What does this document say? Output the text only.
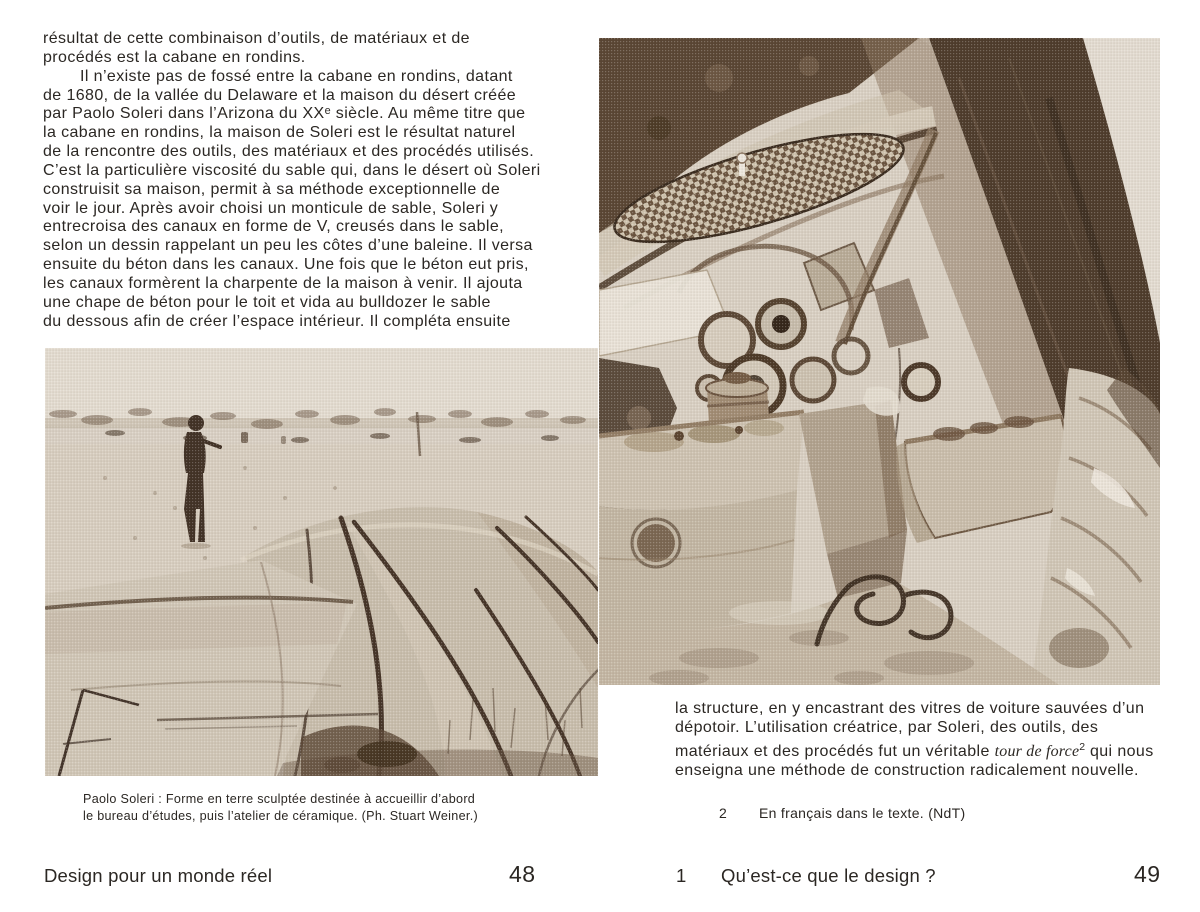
résultat de cette combinaison d’outils, de matériaux et de
procédés est la cabane en rondins.
Il n’existe pas de fossé entre la cabane en rondins, datant
de 1680, de la vallée du Delaware et la maison du désert créée
par Paolo Soleri dans l’Arizona du XXᵉ siècle. Au même titre que
la cabane en rondins, la maison de Soleri est le résultat naturel
de la rencontre des outils, des matériaux et des procédés utilisés.
C’est la particulière viscosité du sable qui, dans le désert où Soleri
construisit sa maison, permit à sa méthode exceptionnelle de
voir le jour. Après avoir choisi un monticule de sable, Soleri y
entrecroisa des canaux en forme de V, creusés dans le sable,
selon un dessin rappelant un peu les côtes d’une baleine. Il versa
ensuite du béton dans les canaux. Une fois que le béton eut pris,
les canaux formèrent la charpente de la maison à venir. Il ajouta
une chape de béton pour le toit et vida au bulldozer le sable
du dessous afin de créer l’espace intérieur. Il compléta ensuite
Paolo Soleri : Forme en terre sculptée destinée à accueillir d’abord
le bureau d’études, puis l’atelier de céramique. (Ph. Stuart Weiner.)
Design pour un monde réel	48
la structure, en y encastrant des vitres de voiture sauvées d’un
dépotoir. L’utilisation créatrice, par Soleri, des outils, des
matériaux et des procédés fut un véritable tour de force$^2$ qui nous
enseigna une méthode de construction radicalement nouvelle.
2 En français dans le texte. (NdT)
1 Qu’est-ce que le design ?	49
